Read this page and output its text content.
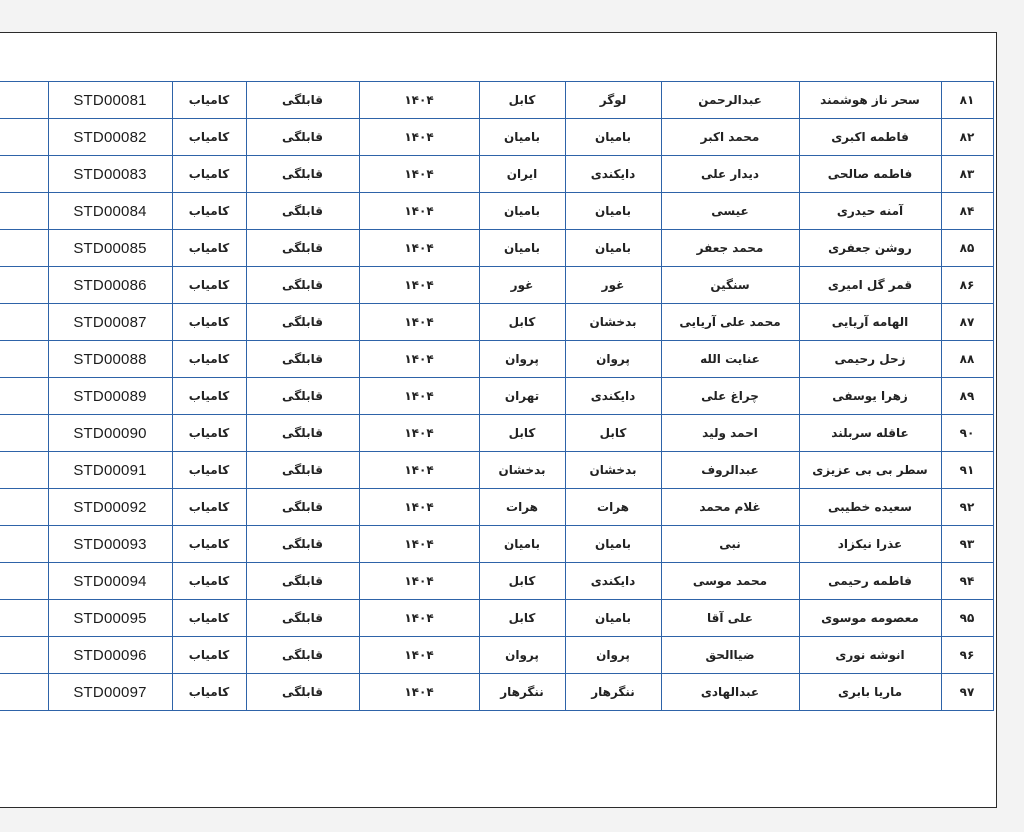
۸۱	سحر ناز هوشمند	عبدالرحمن	لوگر	کابل	۱۴۰۴	قابلگی	کامیاب	STD00081	
۸۲	فاطمه اکبری	محمد اکبر	بامیان	بامیان	۱۴۰۴	قابلگی	کامیاب	STD00082	
۸۳	فاطمه صالحی	دیدار علی	دایکندی	ایران	۱۴۰۴	قابلگی	کامیاب	STD00083	
۸۴	آمنه حیدری	عیسی	بامیان	بامیان	۱۴۰۴	قابلگی	کامیاب	STD00084	
۸۵	روشن جعفری	محمد جعفر	بامیان	بامیان	۱۴۰۴	قابلگی	کامیاب	STD00085	
۸۶	قمر گل امیری	سنگین	غور	غور	۱۴۰۴	قابلگی	کامیاب	STD00086	
۸۷	الهامه آریایی	محمد علی آریایی	بدخشان	کابل	۱۴۰۴	قابلگی	کامیاب	STD00087	
۸۸	زحل رحیمی	عنایت الله	پروان	پروان	۱۴۰۴	قابلگی	کامیاب	STD00088	
۸۹	زهرا یوسفی	چراغ علی	دایکندی	تهران	۱۴۰۴	قابلگی	کامیاب	STD00089	
۹۰	عاقله سربلند	احمد ولید	کابل	کابل	۱۴۰۴	قابلگی	کامیاب	STD00090	
۹۱	سطر بی بی عزیزی	عبدالروف	بدخشان	بدخشان	۱۴۰۴	قابلگی	کامیاب	STD00091	
۹۲	سعیده خطیبی	غلام محمد	هرات	هرات	۱۴۰۴	قابلگی	کامیاب	STD00092	
۹۳	عذرا نیکزاد	نبی	بامیان	بامیان	۱۴۰۴	قابلگی	کامیاب	STD00093	
۹۴	فاطمه رحیمی	محمد موسی	دایکندی	کابل	۱۴۰۴	قابلگی	کامیاب	STD00094	
۹۵	معصومه موسوی	علی آقا	بامیان	کابل	۱۴۰۴	قابلگی	کامیاب	STD00095	
۹۶	انوشه نوری	ضیاالحق	پروان	پروان	۱۴۰۴	قابلگی	کامیاب	STD00096	
۹۷	ماریا بابری	عبدالهادی	ننگرهار	ننگرهار	۱۴۰۴	قابلگی	کامیاب	STD00097	
